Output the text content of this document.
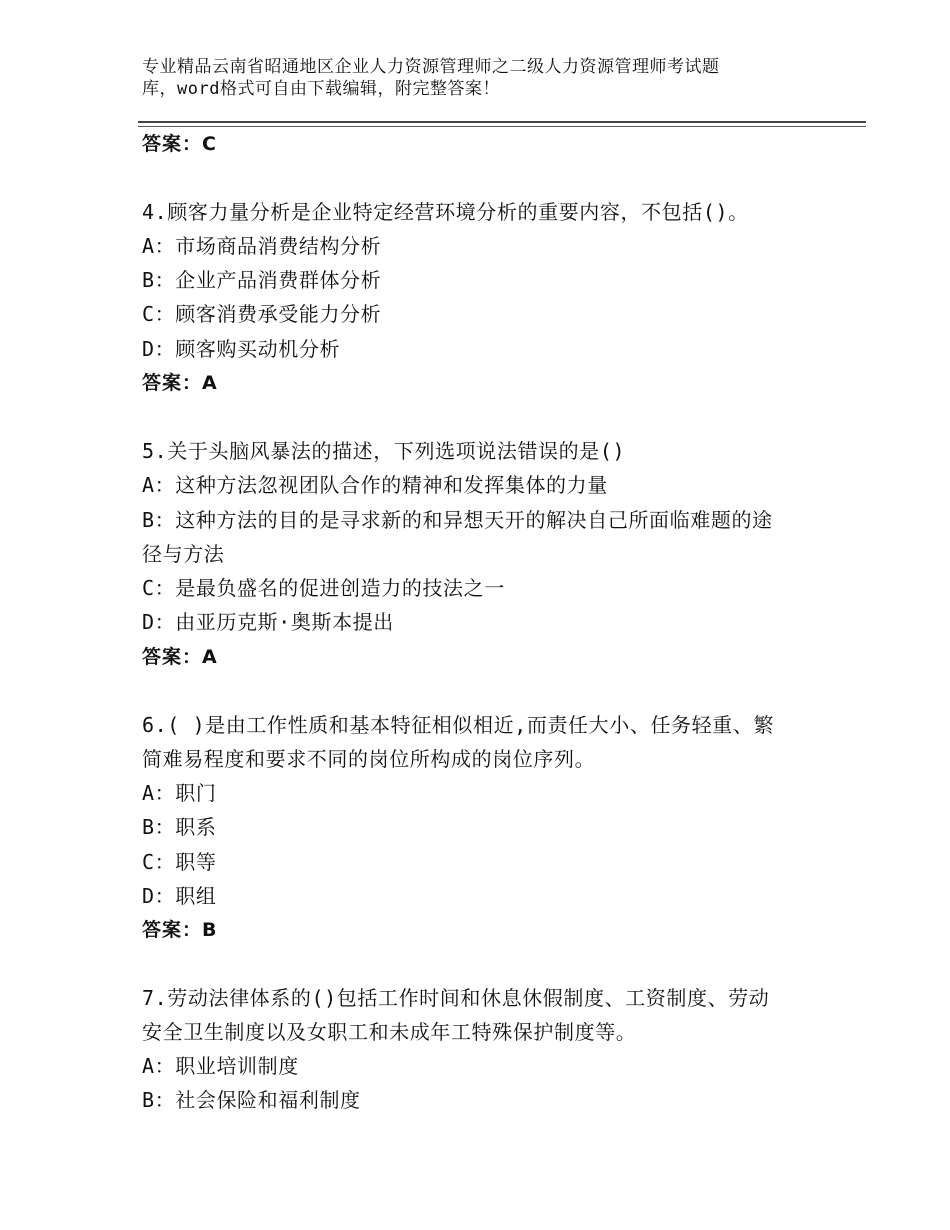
专业精品云南省昭通地区企业人力资源管理师之二级人力资源管理师考试题
库，word格式可自由下载编辑，附完整答案！
答案：C
4.顾客力量分析是企业特定经营环境分析的重要内容，不包括()。
A：市场商品消费结构分析
B：企业产品消费群体分析
C：顾客消费承受能力分析
D：顾客购买动机分析
答案：A
5.关于头脑风暴法的描述，下列选项说法错误的是()
A：这种方法忽视团队合作的精神和发挥集体的力量
B：这种方法的目的是寻求新的和异想天开的解决自己所面临难题的途
径与方法
C：是最负盛名的促进创造力的技法之一
D：由亚历克斯·奥斯本提出
答案：A
6.( )是由工作性质和基本特征相似相近,而责任大小、任务轻重、繁
简难易程度和要求不同的岗位所构成的岗位序列。
A：职门
B：职系
C：职等
D：职组
答案：B
7.劳动法律体系的()包括工作时间和休息休假制度、工资制度、劳动
安全卫生制度以及女职工和未成年工特殊保护制度等。
A：职业培训制度
B：社会保险和福利制度
